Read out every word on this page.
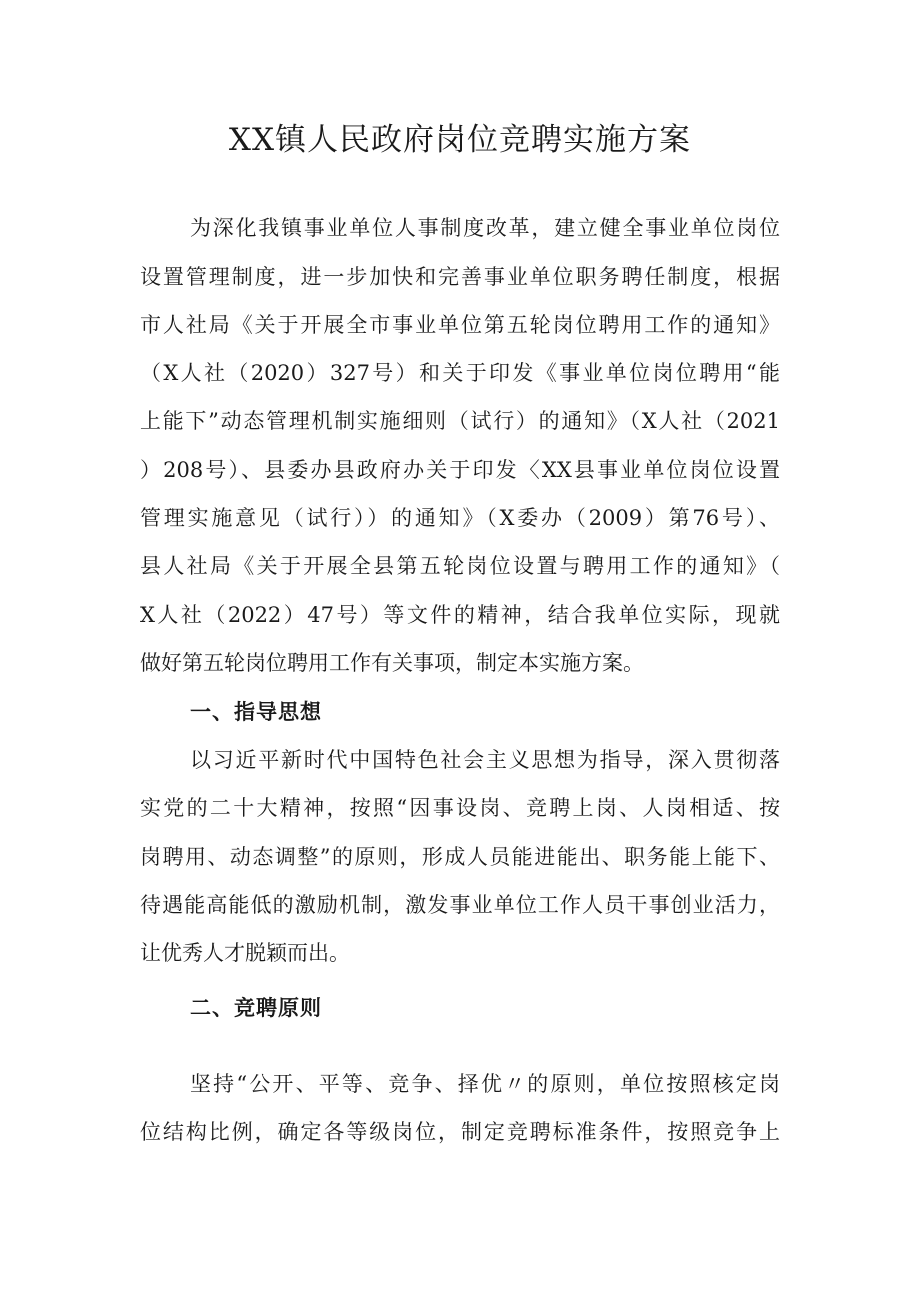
XX镇人民政府岗位竞聘实施方案
为深化我镇事业单位人事制度改革，建立健全事业单位岗位
设置管理制度，进一步加快和完善事业单位职务聘任制度，根据
市人社局《关于开展全市事业单位第五轮岗位聘用工作的通知》
（X人社（2020）327号）和关于印发《事业单位岗位聘用“能
上能下”动态管理机制实施细则（试行）的通知》（X人社（2021
）208号）、县委办县政府办关于印发〈XX县事业单位岗位设置
管理实施意见（试行））的通知》（X委办（2009）第76号）、
县人社局《关于开展全县第五轮岗位设置与聘用工作的通知》（
X人社（2022）47号）等文件的精神，结合我单位实际，现就
做好第五轮岗位聘用工作有关事项，制定本实施方案。
一、指导思想
以习近平新时代中国特色社会主义思想为指导，深入贯彻落
实党的二十大精神，按照“因事设岗、竞聘上岗、人岗相适、按
岗聘用、动态调整”的原则，形成人员能进能出、职务能上能下、
待遇能高能低的激励机制，激发事业单位工作人员干事创业活力，
让优秀人才脱颖而出。
二、竞聘原则
坚持“公开、平等、竞争、择优〃的原则，单位按照核定岗
位结构比例，确定各等级岗位，制定竞聘标准条件，按照竞争上
